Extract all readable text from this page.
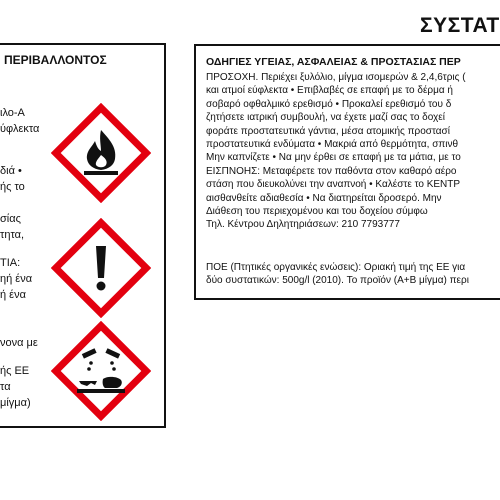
ΣΥΣΤΑΤ
ΠΕΡΙΒΑΛΛΟΝΤΟΣ
ιλο-Α
ύφλεκτα
διά •
ής το
σίας
τητα,
ΤΙΑ:
ηή ένα
ή ένα
νονα με
ής ΕΕ
τα
μίγμα)
ΟΔΗΓΙΕΣ ΥΓΕΙΑΣ, ΑΣΦΑΛΕΙΑΣ & ΠΡΟΣΤΑΣΙΑΣ ΠΕΡ
ΠΡΟΣΟΧΗ. Περιέχει ξυλόλιο, μίγμα ισομερών & 2,4,6τρις (
και ατμοί εύφλεκτα • Επιβλαβές σε επαφή με το δέρμα ή
σοβαρό οφθαλμικό ερεθισμό • Προκαλεί ερεθισμό του δ
ζητήσετε ιατρική συμβουλή, να έχετε μαζί σας το δοχεί
φοράτε προστατευτικά γάντια, μέσα ατομικής προστασί
προστατευτικά ενδύματα • Μακριά από θερμότητα, σπινθ
Μην καπνίζετε • Να μην έρθει σε επαφή με τα μάτια, με το
ΕΙΣΠΝΟΗΣ: Μεταφέρετε τον παθόντα στον καθαρό αέρο
στάση που διευκολύνει την αναπνοή • Καλέστε το ΚΕΝΤΡ
αισθανθείτε αδιαθεσία • Να διατηρείται δροσερό. Μην
Διάθεση του περιεχομένου και του δοχείου σύμφω
Τηλ. Κέντρου Δηλητηριάσεων: 210 7793777
ΠΟΕ (Πτητικές οργανικές ενώσεις): Οριακή τιμή της ΕΕ για
δύο συστατικών: 500g/l (2010). Το προϊόν (Α+Β μίγμα) περι
